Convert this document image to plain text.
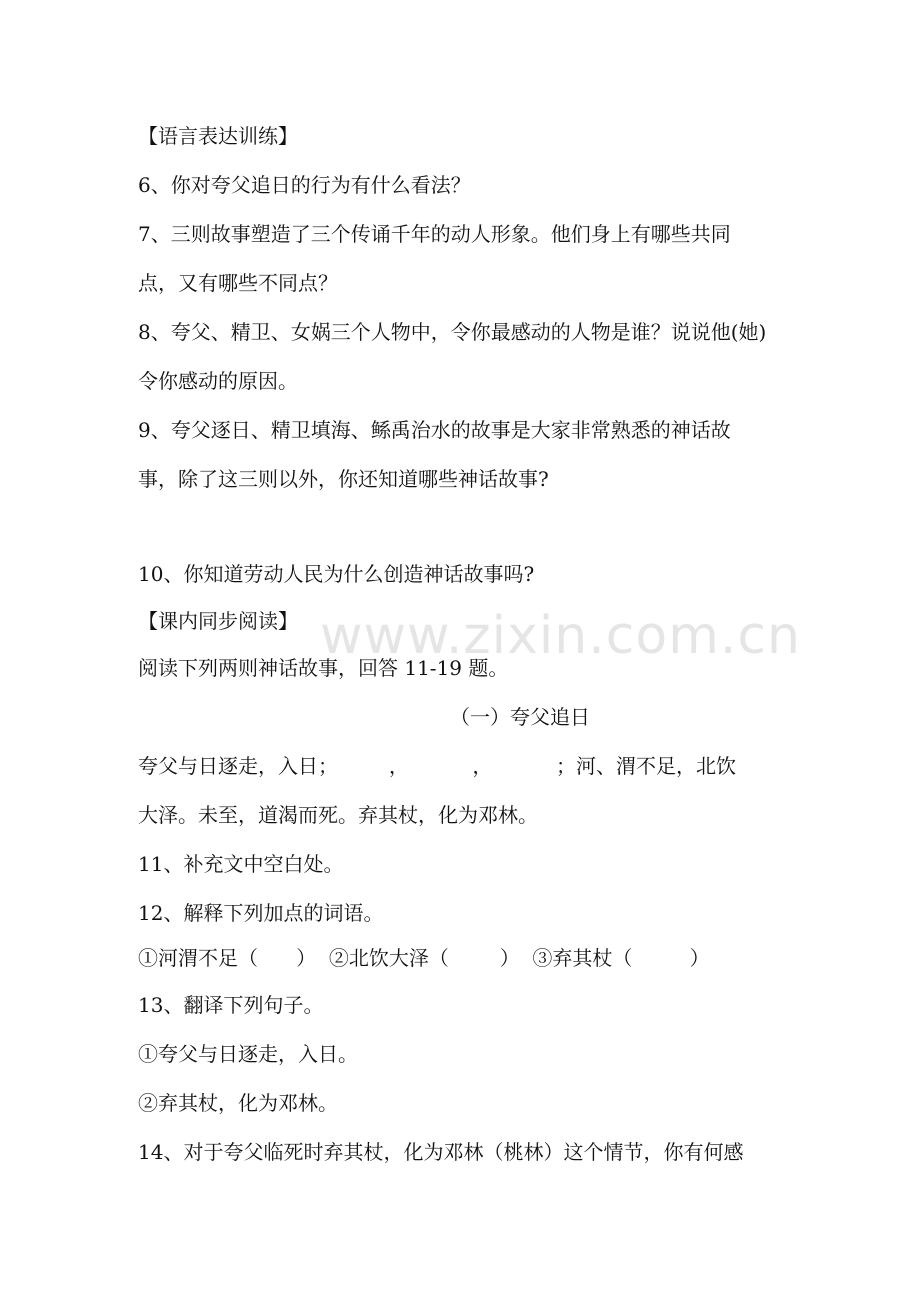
【语言表达训练】
6、你对夸父追日的行为有什么看法？
7、三则故事塑造了三个传诵千年的动人形象。他们身上有哪些共同
点，又有哪些不同点？
8、夸父、精卫、女娲三个人物中，令你最感动的人物是谁？说说他(她)
令你感动的原因。
9、夸父逐日、精卫填海、鲧禹治水的故事是大家非常熟悉的神话故
事，除了这三则以外，你还知道哪些神话故事?
10、你知道劳动人民为什么创造神话故事吗?
【课内同步阅读】
阅读下列两则神话故事，回答 11-19 题。
（一）夸父追日
夸父与日逐走，入日；        ，          ，          ；河、渭不足，北饮
大泽。未至，道渴而死。弃其杖，化为邓林。
11、补充文中空白处。
12、解释下列加点的词语。
①河渭不足（      ）  ②北饮大泽（        ）  ③弃其杖（         ）
13、翻译下列句子。
①夸父与日逐走，入日。
②弃其杖，化为邓林。
14、对于夸父临死时弃其杖，化为邓林（桃林）这个情节，你有何感
www.zixin.com.cn
